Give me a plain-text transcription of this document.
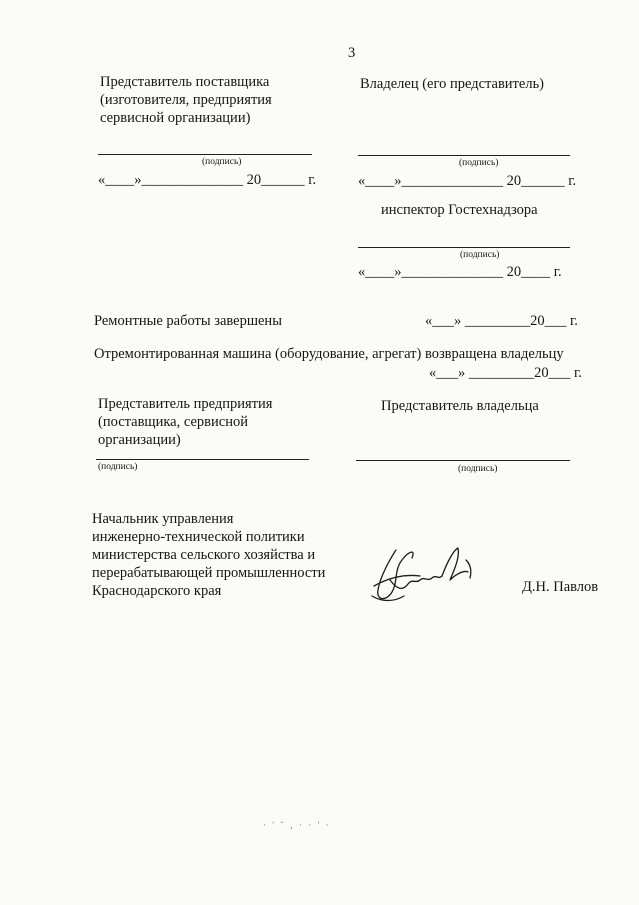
3
Представитель поставщика
(изготовителя, предприятия
сервисной организации)
(подпись)
«____»______________ 20______ г.
Владелец (его представитель)
(подпись)
«____»______________ 20______ г.
инспектор Гостехнадзора
(подпись)
«____»______________ 20____ г.
Ремонтные работы завершены	«___» _________20___ г.
Отремонтированная машина (оборудование, агрегат) возвращена владельцу
«___» _________20___ г.
Представитель предприятия
(поставщика, сервисной
организации)
(подпись)
Представитель владельца
(подпись)
Начальник управления
инженерно-технической политики
министерства сельского хозяйства и
перерабатывающей промышленности
Краснодарского края	Д.Н. Павлов
· ′ ˇ ‚ · · ′ ·
